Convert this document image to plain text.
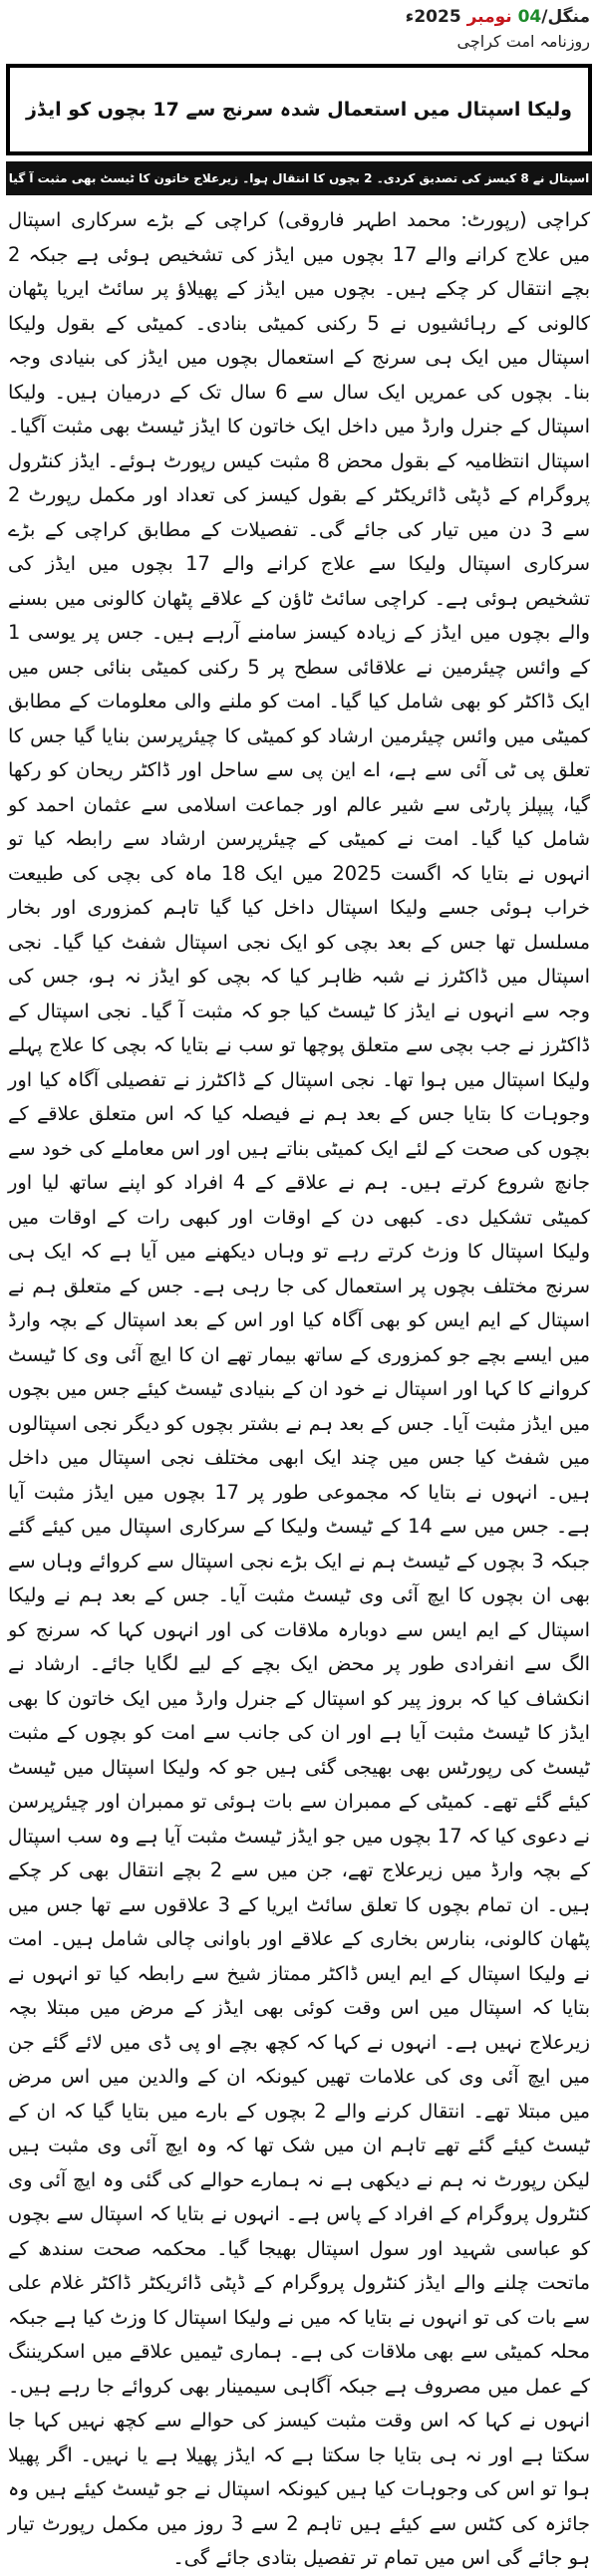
منگل/04 نومبر 2025ء
روزنامہ امت کراچی
ولیکا اسپتال میں استعمال شدہ سرنج سے 17 بچوں کو ایڈز
اسپتال نے 8 کیسز کی تصدیق کردی۔ 2 بچوں کا انتقال ہوا۔ زیرعلاج خاتون کا ٹیسٹ بھی مثبت آ گیا

کراچی (رپورٹ: محمد اطہر فاروقی) کراچی کے بڑے سرکاری اسپتال میں علاج کرانے والے 17 بچوں میں ایڈز کی تشخیص ہوئی ہے جبکہ 2 بچے انتقال کر چکے ہیں۔ بچوں میں ایڈز کے پھیلاؤ پر سائٹ ایریا پٹھان کالونی کے رہائشیوں نے 5 رکنی کمیٹی بنادی۔ کمیٹی کے بقول ولیکا اسپتال میں ایک ہی سرنج کے استعمال بچوں میں ایڈز کی بنیادی وجہ بنا۔ بچوں کی عمریں ایک سال سے 6 سال تک کے درمیان ہیں۔ ولیکا اسپتال کے جنرل وارڈ میں داخل ایک خاتون کا ایڈز ٹیسٹ بھی مثبت آگیا۔ اسپتال انتظامیہ کے بقول محض 8 مثبت کیس رپورٹ ہوئے۔ ایڈز کنٹرول پروگرام کے ڈپٹی ڈائریکٹر کے بقول کیسز کی تعداد اور مکمل رپورٹ 2 سے 3 دن میں تیار کی جائے گی۔ تفصیلات کے مطابق کراچی کے بڑے سرکاری اسپتال ولیکا سے علاج کرانے والے 17 بچوں میں ایڈز کی تشخیص ہوئی ہے۔ کراچی سائٹ ٹاؤن کے علاقے پٹھان کالونی میں بسنے والے بچوں میں ایڈز کے زیادہ کیسز سامنے آرہے ہیں۔ جس پر یوسی 1 کے وائس چیئرمین نے علاقائی سطح پر 5 رکنی کمیٹی بنائی جس میں ایک ڈاکٹر کو بھی شامل کیا گیا۔ امت کو ملنے والی معلومات کے مطابق کمیٹی میں وائس چیئرمین ارشاد کو کمیٹی کا چیئرپرسن بنایا گیا جس کا تعلق پی ٹی آئی سے ہے، اے این پی سے ساحل اور ڈاکٹر ریحان کو رکھا گیا، پیپلز پارٹی سے شیر عالم اور جماعت اسلامی سے عثمان احمد کو شامل کیا گیا۔ امت نے کمیٹی کے چیئرپرسن ارشاد سے رابطہ کیا تو انہوں نے بتایا کہ اگست 2025 میں ایک 18 ماہ کی بچی کی طبیعت خراب ہوئی جسے ولیکا اسپتال داخل کیا گیا تاہم کمزوری اور بخار مسلسل تھا جس کے بعد بچی کو ایک نجی اسپتال شفٹ کیا گیا۔ نجی اسپتال میں ڈاکٹرز نے شبہ ظاہر کیا کہ بچی کو ایڈز نہ ہو، جس کی وجہ سے انہوں نے ایڈز کا ٹیسٹ کیا جو کہ مثبت آ گیا۔ نجی اسپتال کے ڈاکٹرز نے جب بچی سے متعلق پوچھا تو سب نے بتایا کہ بچی کا علاج پہلے ولیکا اسپتال میں ہوا تھا۔ نجی اسپتال کے ڈاکٹرز نے تفصیلی آگاہ کیا اور وجوہات کا بتایا جس کے بعد ہم نے فیصلہ کیا کہ اس متعلق علاقے کے بچوں کی صحت کے لئے ایک کمیٹی بناتے ہیں اور اس معاملے کی خود سے جانچ شروع کرتے ہیں۔ ہم نے علاقے کے 4 افراد کو اپنے ساتھ لیا اور کمیٹی تشکیل دی۔ کبھی دن کے اوقات اور کبھی رات کے اوقات میں ولیکا اسپتال کا وزٹ کرتے رہے تو وہاں دیکھنے میں آیا ہے کہ ایک ہی سرنج مختلف بچوں پر استعمال کی جا رہی ہے۔ جس کے متعلق ہم نے اسپتال کے ایم ایس کو بھی آگاہ کیا اور اس کے بعد اسپتال کے بچہ وارڈ میں ایسے بچے جو کمزوری کے ساتھ بیمار تھے ان کا ایچ آئی وی کا ٹیسٹ کروانے کا کہا اور اسپتال نے خود ان کے بنیادی ٹیسٹ کیئے جس میں بچوں میں ایڈز مثبت آیا۔ جس کے بعد ہم نے بشتر بچوں کو دیگر نجی اسپتالوں میں شفٹ کیا جس میں چند ایک ابھی مختلف نجی اسپتال میں داخل ہیں۔ انہوں نے بتایا کہ مجموعی طور پر 17 بچوں میں ایڈز مثبت آیا ہے۔ جس میں سے 14 کے ٹیسٹ ولیکا کے سرکاری اسپتال میں کیئے گئے جبکہ 3 بچوں کے ٹیسٹ ہم نے ایک بڑے نجی اسپتال سے کروائے وہاں سے بھی ان بچوں کا ایچ آئی وی ٹیسٹ مثبت آیا۔ جس کے بعد ہم نے ولیکا اسپتال کے ایم ایس سے دوبارہ ملاقات کی اور انہوں کہا کہ سرنج کو الگ سے انفرادی طور پر محض ایک بچے کے لیے لگایا جائے۔ ارشاد نے انکشاف کیا کہ بروز پیر کو اسپتال کے جنرل وارڈ میں ایک خاتون کا بھی ایڈز کا ٹیسٹ مثبت آیا ہے اور ان کی جانب سے امت کو بچوں کے مثبت ٹیسٹ کی رپورٹس بھی بھیجی گئی ہیں جو کہ ولیکا اسپتال میں ٹیسٹ کیئے گئے تھے۔ کمیٹی کے ممبران سے بات ہوئی تو ممبران اور چیئرپرسن نے دعوی کیا کہ 17 بچوں میں جو ایڈز ٹیسٹ مثبت آیا ہے وہ سب اسپتال کے بچہ وارڈ میں زیرعلاج تھے، جن میں سے 2 بچے انتقال بھی کر چکے ہیں۔ ان تمام بچوں کا تعلق سائٹ ایریا کے 3 علاقوں سے تھا جس میں پٹھان کالونی، بنارس بخاری کے علاقے اور باوانی چالی شامل ہیں۔ امت نے ولیکا اسپتال کے ایم ایس ڈاکٹر ممتاز شیخ سے رابطہ کیا تو انہوں نے بتایا کہ اسپتال میں اس وقت کوئی بھی ایڈز کے مرض میں مبتلا بچہ زیرعلاج نہیں ہے۔ انہوں نے کہا کہ کچھ بچے او پی ڈی میں لائے گئے جن میں ایچ آئی وی کی علامات تھیں کیونکہ ان کے والدین میں اس مرض میں مبتلا تھے۔ انتقال کرنے والے 2 بچوں کے بارے میں بتایا گیا کہ ان کے ٹیسٹ کیئے گئے تھے تاہم ان میں شک تھا کہ وہ ایچ آئی وی مثبت ہیں لیکن رپورٹ نہ ہم نے دیکھی ہے نہ ہمارے حوالے کی گئی وہ ایچ آئی وی کنٹرول پروگرام کے افراد کے پاس ہے۔ انہوں نے بتایا کہ اسپتال سے بچوں کو عباسی شہید اور سول اسپتال بھیجا گیا۔ محکمہ صحت سندھ کے ماتحت چلنے والے ایڈز کنٹرول پروگرام کے ڈپٹی ڈائریکٹر ڈاکٹر غلام علی سے بات کی تو انہوں نے بتایا کہ میں نے ولیکا اسپتال کا وزٹ کیا ہے جبکہ محلہ کمیٹی سے بھی ملاقات کی ہے۔ ہماری ٹیمیں علاقے میں اسکریننگ کے عمل میں مصروف ہے جبکہ آگاہی سیمینار بھی کروائے جا رہے ہیں۔ انہوں نے کہا کہ اس وقت مثبت کیسز کی حوالے سے کچھ نہیں کہا جا سکتا ہے اور نہ ہی بتایا جا سکتا ہے کہ ایڈز پھیلا ہے یا نہیں۔ اگر پھیلا ہوا تو اس کی وجوہات کیا ہیں کیونکہ اسپتال نے جو ٹیسٹ کیئے ہیں وہ جائزہ کی کٹس سے کیئے ہیں تاہم 2 سے 3 روز میں مکمل رپورٹ تیار ہو جائے گی اس میں تمام تر تفصیل بتادی جائے گی۔
